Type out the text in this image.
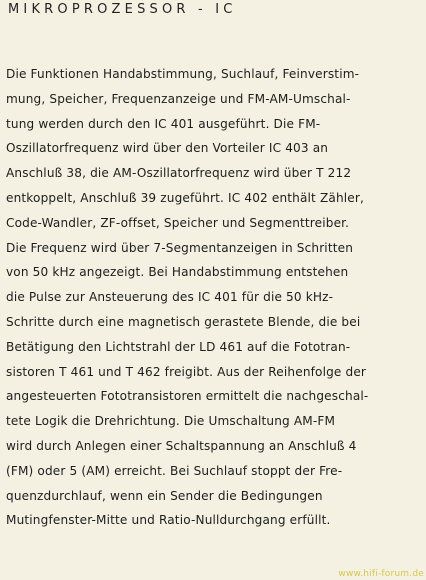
MIKROPROZESSOR - IC
Die Funktionen Handabstimmung, Suchlauf, Feinverstim-
mung, Speicher, Frequenzanzeige und FM-AM-Umschal-
tung werden durch den IC 401 ausgeführt. Die FM-
Oszillatorfrequenz wird über den Vorteiler IC 403 an
Anschluß 38, die AM-Oszillatorfrequenz wird über T 212
entkoppelt, Anschluß 39 zugeführt. IC 402 enthält Zähler,
Code-Wandler, ZF-offset, Speicher und Segmenttreiber.
Die Frequenz wird über 7-Segmentanzeigen in Schritten
von 50 kHz angezeigt. Bei Handabstimmung entstehen
die Pulse zur Ansteuerung des IC 401 für die 50 kHz-
Schritte durch eine magnetisch gerastete Blende, die bei
Betätigung den Lichtstrahl der LD 461 auf die Fototran-
sistoren T 461 und T 462 freigibt. Aus der Reihenfolge der
angesteuerten Fototransistoren ermittelt die nachgeschal-
tete Logik die Drehrichtung. Die Umschaltung AM-FM
wird durch Anlegen einer Schaltspannung an Anschluß 4
(FM) oder 5 (AM) erreicht. Bei Suchlauf stoppt der Fre-
quenzdurchlauf, wenn ein Sender die Bedingungen
Mutingfenster-Mitte und Ratio-Nulldurchgang erfüllt.
www.hifi-forum.de
